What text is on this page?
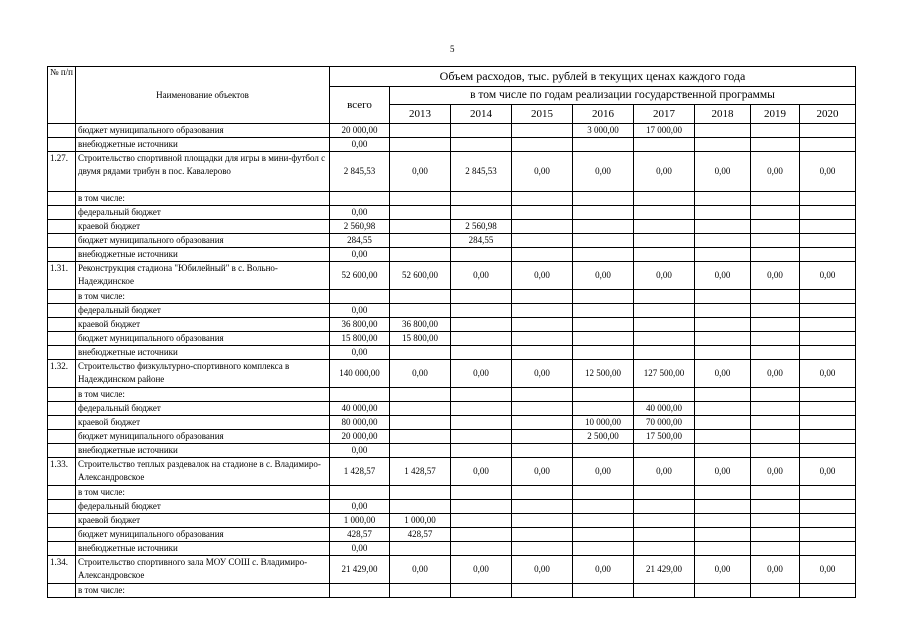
5
№ п/п	Наименование объектов	Объем расходов, тыс. рублей в текущих ценах каждого года								
		всего	в том числе по годам реализации государственной программы							
			2013	2014	2015	2016	2017	2018	2019	2020
	бюджет муниципального образования	20 000,00				3 000,00	17 000,00			
	внебюджетные источники	0,00								
1.27.	Строительство спортивной площадки для игры в мини-футбол с двумя рядами трибун в пос. Кавалерово	2 845,53	0,00	2 845,53	0,00	0,00	0,00	0,00	0,00	0,00
	в том числе:									
	федеральный бюджет	0,00								
	краевой бюджет	2 560,98		2 560,98						
	бюджет муниципального образования	284,55		284,55						
	внебюджетные источники	0,00								
1.31.	Реконструкция стадиона "Юбилейный" в с. Вольно-Надеждинское	52 600,00	52 600,00	0,00	0,00	0,00	0,00	0,00	0,00	0,00
	в том числе:									
	федеральный бюджет	0,00								
	краевой бюджет	36 800,00	36 800,00							
	бюджет муниципального образования	15 800,00	15 800,00							
	внебюджетные источники	0,00								
1.32.	Строительство физкультурно-спортивного комплекса в Надеждинском районе	140 000,00	0,00	0,00	0,00	12 500,00	127 500,00	0,00	0,00	0,00
	в том числе:									
	федеральный бюджет	40 000,00					40 000,00			
	краевой бюджет	80 000,00				10 000,00	70 000,00			
	бюджет муниципального образования	20 000,00				2 500,00	17 500,00			
	внебюджетные источники	0,00								
1.33.	Строительство теплых раздевалок на стадионе в с. Владимиро-Александровское	1 428,57	1 428,57	0,00	0,00	0,00	0,00	0,00	0,00	0,00
	в том числе:									
	федеральный бюджет	0,00								
	краевой бюджет	1 000,00	1 000,00							
	бюджет муниципального образования	428,57	428,57							
	внебюджетные источники	0,00								
1.34.	Строительство спортивного зала МОУ СОШ с. Владимиро-Александровское	21 429,00	0,00	0,00	0,00	0,00	21 429,00	0,00	0,00	0,00
	в том числе:									
